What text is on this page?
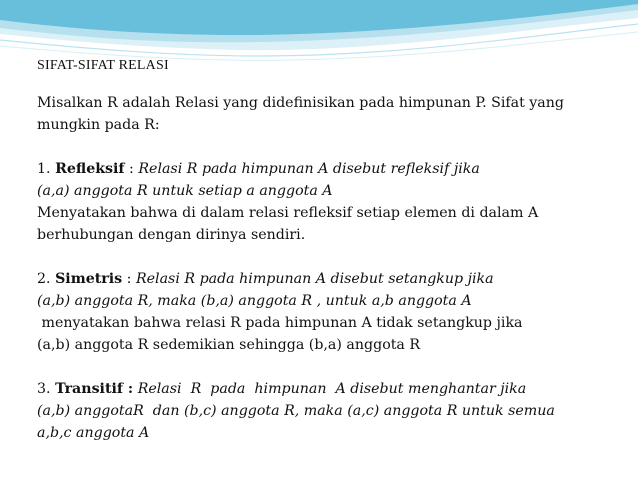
SIFAT-SIFAT RELASI
Misalkan R adalah Relasi yang didefinisikan pada himpunan P. Sifat yang
mungkin pada R:
1. Refleksif : Relasi R pada himpunan A disebut refleksif jika
(a,a) anggota R untuk setiap a anggota A
Menyatakan bahwa di dalam relasi refleksif setiap elemen di dalam A
berhubungan dengan dirinya sendiri.
2. Simetris : Relasi R pada himpunan A disebut setangkup jika
(a,b) anggota R, maka (b,a) anggota R , untuk a,b anggota A
menyatakan bahwa relasi R pada himpunan A tidak setangkup jika
(a,b) anggota R sedemikian sehingga (b,a) anggota R
3. Transitif : Relasi  R  pada  himpunan  A disebut menghantar jika
(a,b) anggotaR  dan (b,c) anggota R, maka (a,c) anggota R untuk semua
a,b,c anggota A
